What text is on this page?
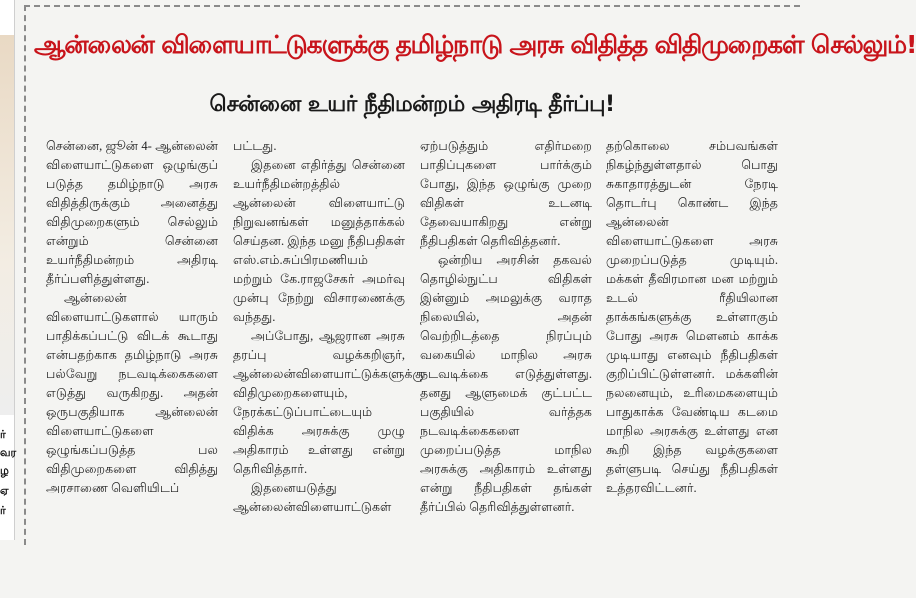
ர்
வர
ழ
ஏ
ர்
ஆன்லைன் விளையாட்டுகளுக்கு தமிழ்நாடு அரசு விதித்த விதிமுறைகள் செல்லும்!
சென்னை உயர் நீதிமன்றம் அதிரடி தீர்ப்பு!

சென்னை, ஜூன் 4- ஆன்லைன் விளையாட்டுகளை ஒழுங்குப் படுத்த தமிழ்நாடு அரசு விதித்திருக்கும் அனைத்து விதிமுறைகளும் செல்லும் என்றும் சென்னை உயர்நீதிமன்றம் அதிரடி தீர்ப்பளித்துள்ளது.

ஆன்லைன் விளையாட்டுகளால் யாரும் பாதிக்கப்பட்டு விடக் கூடாது என்பதற்காக தமிழ்நாடு அரசு பல்வேறு நடவடிக்கைகளை எடுத்து வருகிறது. அதன் ஒருபகுதியாக ஆன்லைன் விளையாட்டுகளை ஒழுங்கப்படுத்த பல விதிமுறைகளை விதித்து அரசாணை வெளியிடப்

பட்டது.

இதனை எதிர்த்து சென்னை உயர்நீதிமன்றத்தில் ஆன்லைன் விளையாட்டு நிறுவனங்கள் மனுத்தாக்கல் செய்தன. இந்த மனு நீதிபதிகள் எஸ்.எம்.சுப்பிரமணியம் மற்றும் கே.ராஜசேகர் அமர்வு முன்பு நேற்று விசாரணைக்கு வந்தது.

அப்போது, ஆஜரான அரசு தரப்பு வழக்கறிஞர், ஆன்லைன்விளையாட்டுக்களுக்கு விதிமுறைகளையும், நேரக்கட்டுப்பாட்டையும் விதிக்க அரசுக்கு முழு அதிகாரம் உள்ளது என்று தெரிவித்தார்.

இதனையடுத்து ஆன்லைன்விளையாட்டுகள்

ஏற்படுத்தும் எதிர்மறை பாதிப்புகளை பார்க்கும் போது, இந்த ஒழுங்கு முறை விதிகள் உடனடி தேவையாகிறது என்று நீதிபதிகள் தெரிவித்தனர்.

ஒன்றிய அரசின் தகவல் தொழில்நுட்ப விதிகள் இன்னும் அமலுக்கு வராத நிலையில், அதன் வெற்றிடத்தை நிரப்பும் வகையில் மாநில அரசு நடவடிக்கை எடுத்துள்ளது. தனது ஆளுமைக் குட்பட்ட பகுதியில் வர்த்தக நடவடிக்கைகளை முறைப்படுத்த மாநில அரசுக்கு அதிகாரம் உள்ளது என்று நீதிபதிகள் தங்கள் தீர்ப்பில் தெரிவித்துள்ளனர்.

தற்கொலை சம்பவங்கள் நிகழ்ந்துள்ளதால் பொது சுகாதாரத்துடன் நேரடி தொடர்பு கொண்ட இந்த ஆன்லைன் விளையாட்டுகளை அரசு முறைப்படுத்த முடியும். மக்கள் தீவிரமான மன மற்றும் உடல் ரீதியிலான தாக்கங்களுக்கு உள்ளாகும் போது அரசு மௌனம் காக்க முடியாது எனவும் நீதிபதிகள் குறிப்பிட்டுள்ளனர். மக்களின் நலனையும், உரிமைகளையும் பாதுகாக்க வேண்டிய கடமை மாநில அரசுக்கு உள்ளது என கூறி இந்த வழக்குகளை தள்ளுபடி செய்து நீதிபதிகள் உத்தரவிட்டனர்.
